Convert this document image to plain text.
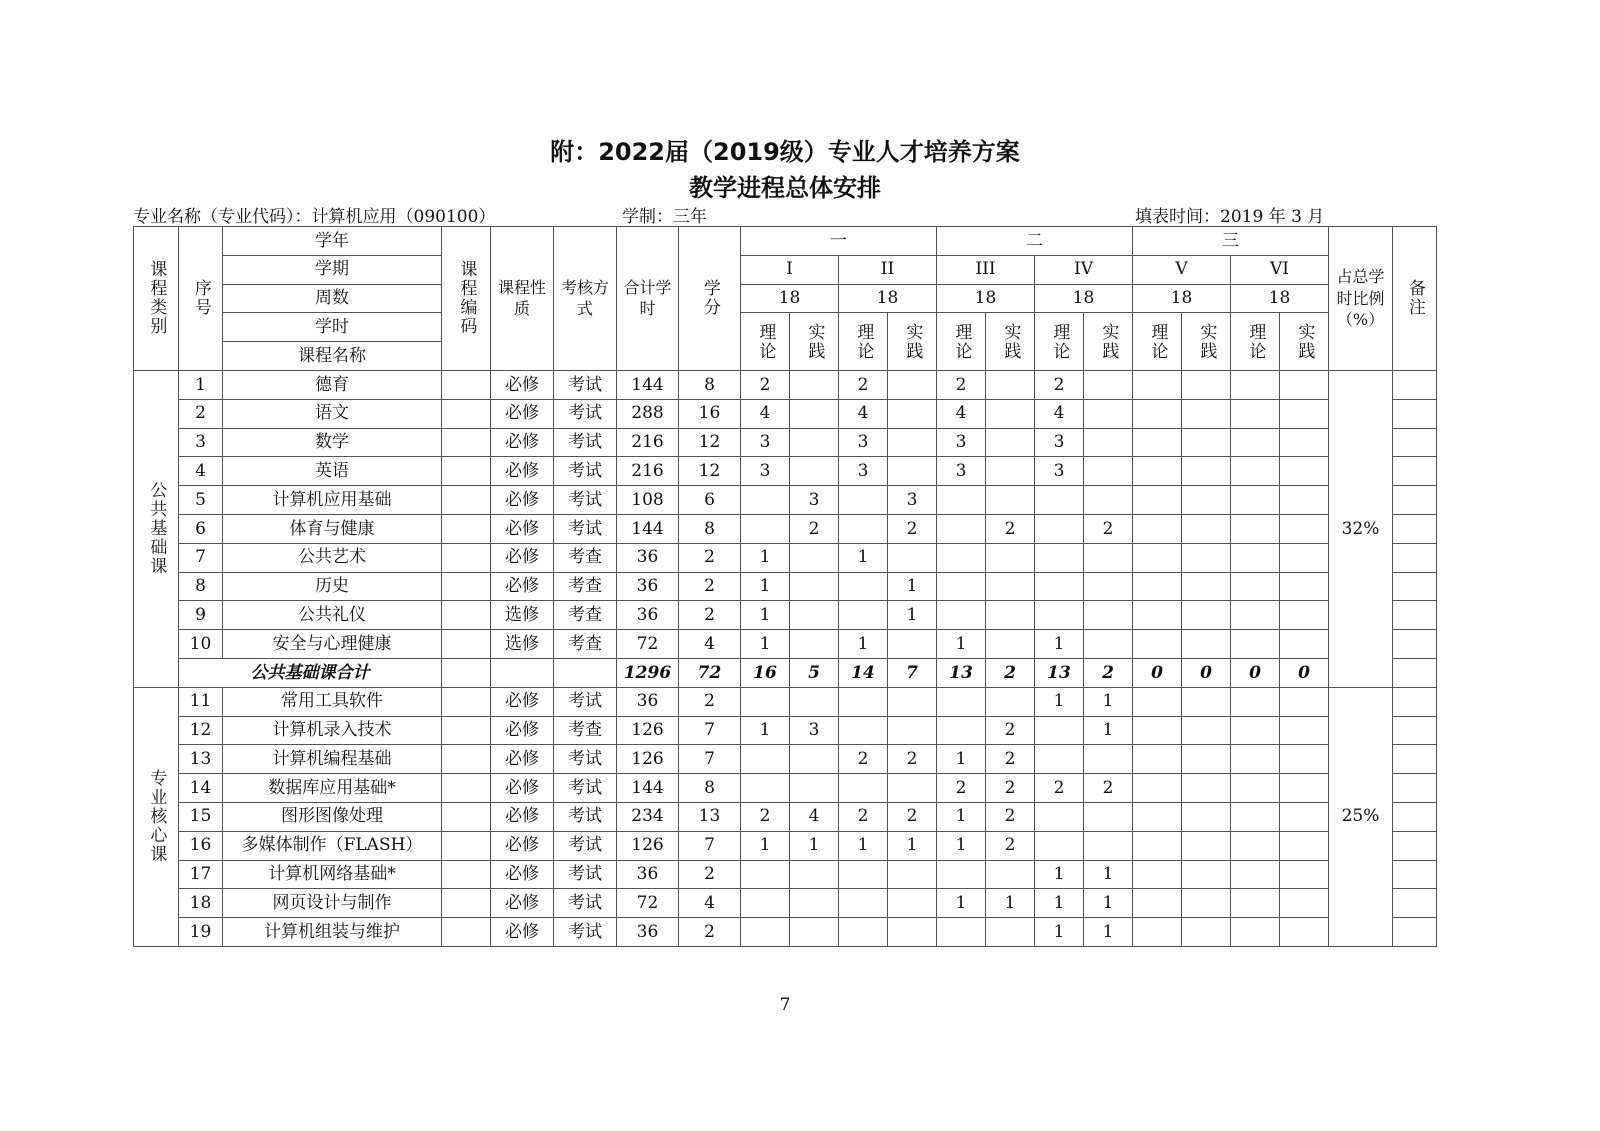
附：2022届（2019级）专业人才培养方案
教学进程总体安排
专业名称（专业代码）：计算机应用（090100）	学制：三年	填表时间：2019 年 3 月
课程类别	序号	学年	课程编码	课程性质	考核方式	合计学时	学分	一				二				三				占总学时比例（%）	备注
		学期						I		II		III		IV		V		VI			
		周数						18		18		18		18		18		18			
		学时						理论	实践	理论	实践	理论	实践	理论	实践	理论	实践	理论	实践		
		课程名称																			
公共基础课	1	德育		必修	考试	144	8	2		2		2		2						32%	
	2	语文		必修	考试	288	16	4		4		4		4							
	3	数学		必修	考试	216	12	3		3		3		3							
	4	英语		必修	考试	216	12	3		3		3		3							
	5	计算机应用基础		必修	考试	108	6		3		3										
	6	体育与健康		必修	考试	144	8		2		2		2		2						
	7	公共艺术		必修	考查	36	2	1		1											
	8	历史		必修	考查	36	2	1			1										
	9	公共礼仪		选修	考查	36	2	1			1										
	10	安全与心理健康		选修	考查	72	4	1		1		1		1							
	公共基础课合计					1296	72	16	5	14	7	13	2	13	2	0	0	0	0		
专业核心课	11	常用工具软件		必修	考试	36	2							1	1					25%	
	12	计算机录入技术		必修	考查	126	7	1	3				2		1						
	13	计算机编程基础		必修	考试	126	7			2	2	1	2								
	14	数据库应用基础*		必修	考试	144	8					2	2	2	2						
	15	图形图像处理		必修	考试	234	13	2	4	2	2	1	2								
	16	多媒体制作（FLASH）		必修	考试	126	7	1	1	1	1	1	2								
	17	计算机网络基础*		必修	考试	36	2							1	1						
	18	网页设计与制作		必修	考试	72	4					1	1	1	1						
	19	计算机组装与维护		必修	考试	36	2							1	1						
7
